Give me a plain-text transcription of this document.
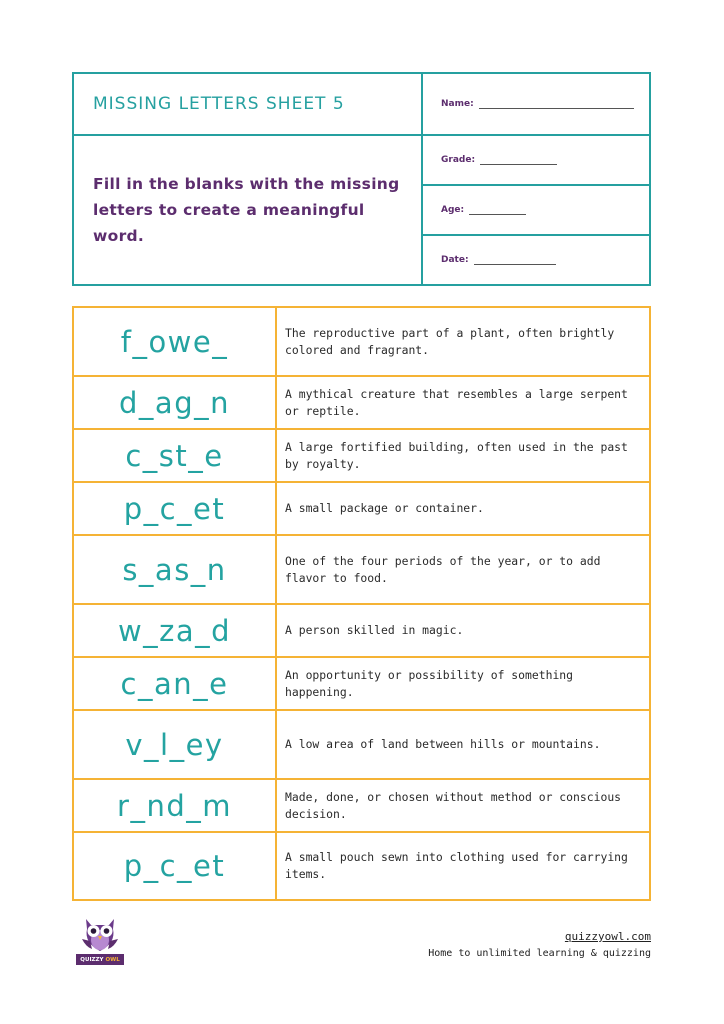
MISSING LETTERS SHEET 5

Fill in the blanks with the missing letters to create a meaningful word.

Name:
Grade:
Age:
Date:
f_owe_	The reproductive part of a plant, often brightly colored and fragrant.
d_ag_n	A mythical creature that resembles a large serpent or reptile.
c_st_e	A large fortified building, often used in the past by royalty.
p_c_et	A small package or container.
s_as_n	One of the four periods of the year, or to add flavor to food.
w_za_d	A person skilled in magic.
c_an_e	An opportunity or possibility of something happening.
v_l_ey	A low area of land between hills or mountains.
r_nd_m	Made, done, or chosen without method or conscious decision.
p_c_et	A small pouch sewn into clothing used for carrying items.
QUIZZY OWL
quizzyowl.com
Home to unlimited learning & quizzing
